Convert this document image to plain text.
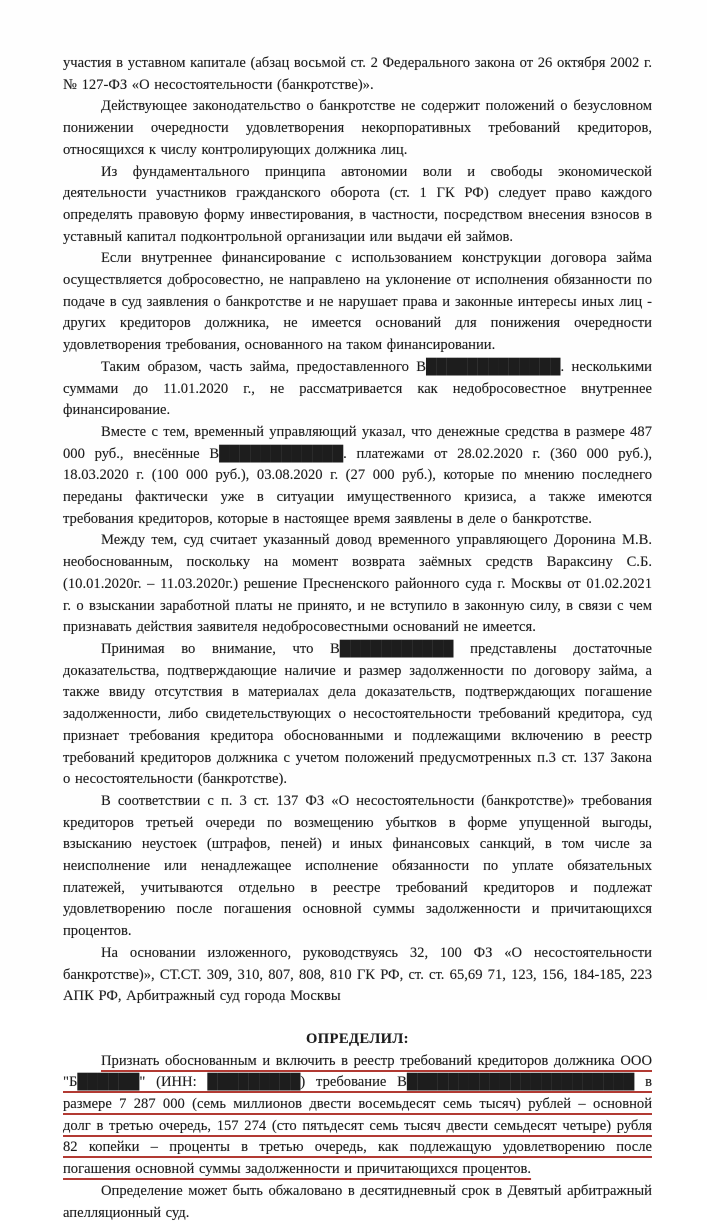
участия в уставном капитале (абзац восьмой ст. 2 Федерального закона от 26 октября 2002 г. № 127-ФЗ «О несостоятельности (банкротстве)».

Действующее законодательство о банкротстве не содержит положений о безусловном понижении очередности удовлетворения некорпоративных требований кредиторов, относящихся к числу контролирующих должника лиц.

Из фундаментального принципа автономии воли и свободы экономической деятельности участников гражданского оборота (ст. 1 ГК РФ) следует право каждого определять правовую форму инвестирования, в частности, посредством внесения взносов в уставный капитал подконтрольной организации или выдачи ей займов.

Если внутреннее финансирование с использованием конструкции договора займа осуществляется добросовестно, не направлено на уклонение от исполнения обязанности по подаче в суд заявления о банкротстве и не нарушает права и законные интересы иных лиц - других кредиторов должника, не имеется оснований для понижения очередности удовлетворения требования, основанного на таком финансировании.

Таким образом, часть займа, предоставленного В█████████████. несколькими суммами до 11.01.2020 г., не рассматривается как недобросовестное внутреннее финансирование.

Вместе с тем, временный управляющий указал, что денежные средства в размере 487 000 руб., внесённые В████████████. платежами от 28.02.2020 г. (360 000 руб.), 18.03.2020 г. (100 000 руб.), 03.08.2020 г. (27 000 руб.), которые по мнению последнего переданы фактически уже в ситуации имущественного кризиса, а также имеются требования кредиторов, которые в настоящее время заявлены в деле о банкротстве.

Между тем, суд считает указанный довод временного управляющего Доронина М.В. необоснованным, поскольку на момент возврата заёмных средств Вараксину С.Б. (10.01.2020г. – 11.03.2020г.) решение Пресненского районного суда г. Москвы от 01.02.2021 г. о взыскании заработной платы не принято, и не вступило в законную силу, в связи с чем признавать действия заявителя недобросовестными оснований не имеется.

Принимая во внимание, что В███████████ представлены достаточные доказательства, подтверждающие наличие и размер задолженности по договору займа, а также ввиду отсутствия в материалах дела доказательств, подтверждающих погашение задолженности, либо свидетельствующих о несостоятельности требований кредитора, суд признает требования кредитора обоснованными и подлежащими включению в реестр требований кредиторов должника с учетом положений предусмотренных п.3 ст. 137 Закона о несостоятельности (банкротстве).

В соответствии с п. 3 ст. 137 ФЗ «О несостоятельности (банкротстве)» требования кредиторов третьей очереди по возмещению убытков в форме упущенной выгоды, взысканию неустоек (штрафов, пеней) и иных финансовых санкций, в том числе за неисполнение или ненадлежащее исполнение обязанности по уплате обязательных платежей, учитываются отдельно в реестре требований кредиторов и подлежат удовлетворению после погашения основной суммы задолженности и причитающихся процентов.

На основании изложенного, руководствуясь 32, 100 ФЗ «О несостоятельности банкротстве)», СТ.СТ. 309, 310, 807, 808, 810 ГК РФ, ст. ст. 65,69 71, 123, 156, 184-185, 223 АПК РФ, Арбитражный суд города Москвы

ОПРЕДЕЛИЛ:

Признать обоснованным и включить в реестр требований кредиторов должника ООО "Б██████" (ИНН: █████████) требование В██████████████████████ в размере 7 287 000 (семь миллионов двести восемьдесят семь тысяч) рублей – основной долг в третью очередь, 157 274 (сто пятьдесят семь тысяч двести семьдесят четыре) рубля 82 копейки – проценты в третью очередь, как подлежащую удовлетворению после погашения основной суммы задолженности и причитающихся процентов.

Определение может быть обжаловано в десятидневный срок в Девятый арбитражный апелляционный суд.
